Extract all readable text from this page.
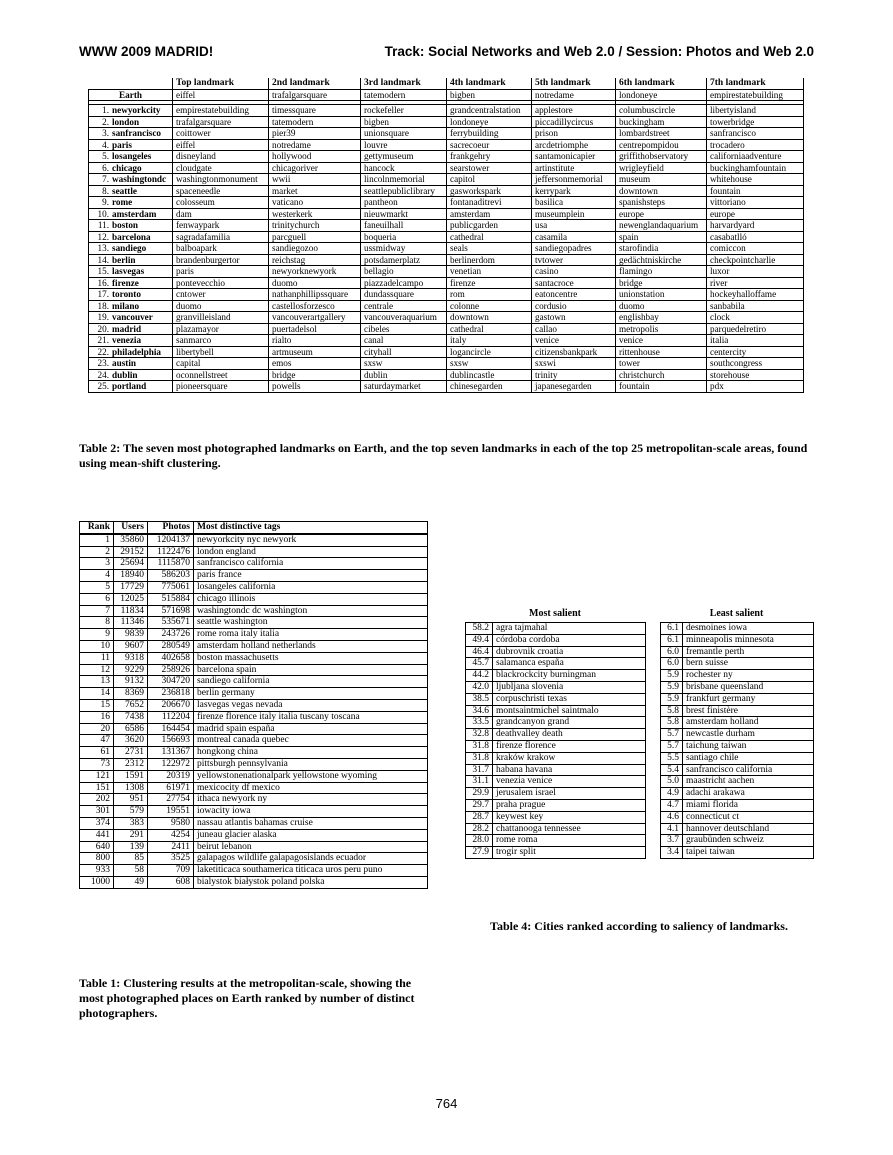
WWW 2009 MADRID!	Track: Social Networks and Web 2.0 / Session: Photos and Web 2.0
	Top landmark	2nd landmark	3rd landmark	4th landmark	5th landmark	6th landmark	7th landmark
Earth	eiffel	trafalgarsquare	tatemodern	bigben	notredame	londoneye	empirestatebuilding

1. newyorkcity	empirestatebuilding	timessquare	rockefeller	grandcentralstation	applestore	columbuscircle	libertyisland
2. london	trafalgarsquare	tatemodern	bigben	londoneye	piccadillycircus	buckingham	towerbridge
3. sanfrancisco	coittower	pier39	unionsquare	ferrybuilding	prison	lombardstreet	sanfrancisco
4. paris	eiffel	notredame	louvre	sacrecoeur	arcdetriomphe	centrepompidou	trocadero
5. losangeles	disneyland	hollywood	gettymuseum	frankgehry	santamonicapier	griffithobservatory	californiaadventure
6. chicago	cloudgate	chicagoriver	hancock	searstower	artinstitute	wrigleyfield	buckinghamfountain
7. washingtondc	washingtonmonument	wwii	lincolnmemorial	capitol	jeffersonmemorial	museum	whitehouse
8. seattle	spaceneedle	market	seattlepubliclibrary	gasworkspark	kerrypark	downtown	fountain
9. rome	colosseum	vaticano	pantheon	fontanaditrevi	basilica	spanishsteps	vittoriano
10. amsterdam	dam	westerkerk	nieuwmarkt	amsterdam	museumplein	europe	europe
11. boston	fenwaypark	trinitychurch	faneuilhall	publicgarden	usa	newenglandaquarium	harvardyard
12. barcelona	sagradafamilia	parcguell	boqueria	cathedral	casamila	spain	casabatlló
13. sandiego	balboapark	sandiegozoo	ussmidway	seals	sandiegopadres	starofindia	comiccon
14. berlin	brandenburgertor	reichstag	potsdamerplatz	berlinerdom	tvtower	gedächtniskirche	checkpointcharlie
15. lasvegas	paris	newyorknewyork	bellagio	venetian	casino	flamingo	luxor
16. firenze	pontevecchio	duomo	piazzadelcampo	firenze	santacroce	bridge	river
17. toronto	cntower	nathanphillipssquare	dundassquare	rom	eatoncentre	unionstation	hockeyhalloffame
18. milano	duomo	castellosforzesco	centrale	colonne	cordusio	duomo	sanbabila
19. vancouver	granvilleisland	vancouverartgallery	vancouveraquarium	downtown	gastown	englishbay	clock
20. madrid	plazamayor	puertadelsol	cibeles	cathedral	callao	metropolis	parquedelretiro
21. venezia	sanmarco	rialto	canal	italy	venice	venice	italia
22. philadelphia	libertybell	artmuseum	cityhall	logancircle	citizensbankpark	rittenhouse	centercity
23. austin	capital	emos	sxsw	sxsw	sxswi	tower	southcongress
24. dublin	oconnellstreet	bridge	dublin	dublincastle	trinity	christchurch	storehouse
25. portland	pioneersquare	powells	saturdaymarket	chinesegarden	japanesegarden	fountain	pdx
Table 2: The seven most photographed landmarks on Earth, and the top seven landmarks in each of the top 25 metropolitan-scale areas, found using mean-shift clustering.
Rank	Users	Photos	Most distinctive tags
1	35860	1204137	newyorkcity nyc newyork
2	29152	1122476	london england
3	25694	1115870	sanfrancisco california
4	18940	586203	paris france
5	17729	775061	losangeles california
6	12025	515884	chicago illinois
7	11834	571698	washingtondc dc washington
8	11346	535671	seattle washington
9	9839	243726	rome roma italy italia
10	9607	280549	amsterdam holland netherlands
11	9318	402658	boston massachusetts
12	9229	258926	barcelona spain
13	9132	304720	sandiego california
14	8369	236818	berlin germany
15	7652	206670	lasvegas vegas nevada
16	7438	112204	firenze florence italy italia tuscany toscana
20	6586	164454	madrid spain españa
47	3620	156693	montreal canada quebec
61	2731	131367	hongkong china
73	2312	122972	pittsburgh pennsylvania
121	1591	20319	yellowstonenationalpark yellowstone wyoming
151	1308	61971	mexicocity df mexico
202	951	27754	ithaca newyork ny
301	579	19551	iowacity iowa
374	383	9580	nassau atlantis bahamas cruise
441	291	4254	juneau glacier alaska
640	139	2411	beirut lebanon
800	85	3525	galapagos wildlife galapagosislands ecuador
933	58	709	laketiticaca southamerica titicaca uros peru puno
1000	49	608	bialystok białystok poland polska
Table 1: Clustering results at the metropolitan-scale, showing the most photographed places on Earth ranked by number of distinct photographers.
Most salient	Least salient
58.2	agra tajmahal
49.4	córdoba cordoba
46.4	dubrovnik croatia
45.7	salamanca españa
44.2	blackrockcity burningman
42.0	ljubljana slovenia
38.5	corpuschristi texas
34.6	montsaintmichel saintmalo
33.5	grandcanyon grand
32.8	deathvalley death
31.8	firenze florence
31.8	kraków krakow
31.7	habana havana
31.1	venezia venice
29.9	jerusalem israel
29.7	praha prague
28.7	keywest key
28.2	chattanooga tennessee
28.0	rome roma
27.9	trogir split
6.1	desmoines iowa
6.1	minneapolis minnesota
6.0	fremantle perth
6.0	bern suisse
5.9	rochester ny
5.9	brisbane queensland
5.9	frankfurt germany
5.8	brest finistère
5.8	amsterdam holland
5.7	newcastle durham
5.7	taichung taiwan
5.5	santiago chile
5.4	sanfrancisco california
5.0	maastricht aachen
4.9	adachi arakawa
4.7	miami florida
4.6	connecticut ct
4.1	hannover deutschland
3.7	graubünden schweiz
3.4	taipei taiwan
Table 4: Cities ranked according to saliency of landmarks.
764
